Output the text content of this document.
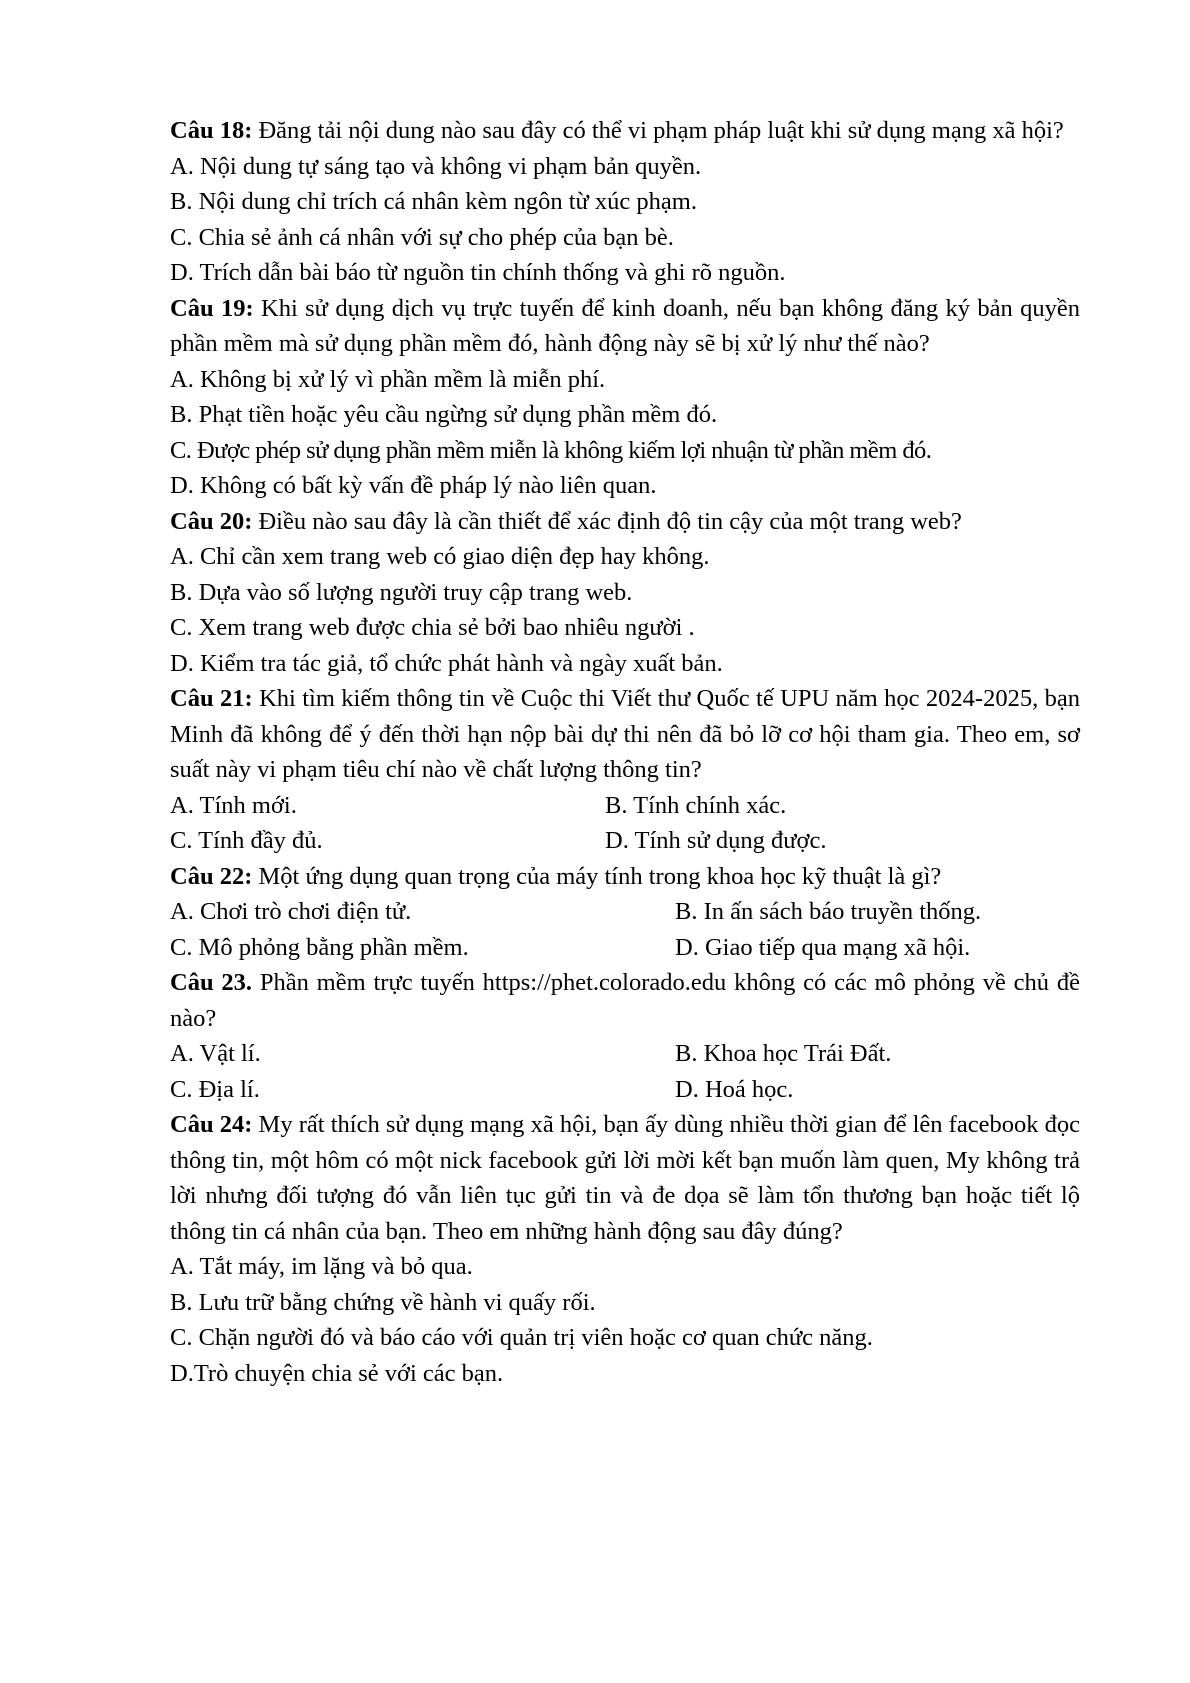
Câu 18: Đăng tải nội dung nào sau đây có thể vi phạm pháp luật khi sử dụng mạng xã hội?
A. Nội dung tự sáng tạo và không vi phạm bản quyền.
B. Nội dung chỉ trích cá nhân kèm ngôn từ xúc phạm.
C. Chia sẻ ảnh cá nhân với sự cho phép của bạn bè.
D. Trích dẫn bài báo từ nguồn tin chính thống và ghi rõ nguồn.
Câu 19: Khi sử dụng dịch vụ trực tuyến để kinh doanh, nếu bạn không đăng ký bản quyền phần mềm mà sử dụng phần mềm đó, hành động này sẽ bị xử lý như thế nào?
A. Không bị xử lý vì phần mềm là miễn phí.
B. Phạt tiền hoặc yêu cầu ngừng sử dụng phần mềm đó.
C. Được phép sử dụng phần mềm miễn là không kiếm lợi nhuận từ phần mềm đó.
D. Không có bất kỳ vấn đề pháp lý nào liên quan.
Câu 20: Điều nào sau đây là cần thiết để xác định độ tin cậy của một trang web?
A. Chỉ cần xem trang web có giao diện đẹp hay không.
B. Dựa vào số lượng người truy cập trang web.
C. Xem trang web được chia sẻ bởi bao nhiêu người .
D. Kiểm tra tác giả, tổ chức phát hành và ngày xuất bản.
Câu 21: Khi tìm kiếm thông tin về Cuộc thi Viết thư Quốc tế UPU năm học 2024-2025, bạn Minh đã không để ý đến thời hạn nộp bài dự thi nên đã bỏ lỡ cơ hội tham gia. Theo em, sơ suất này vi phạm tiêu chí nào về chất lượng thông tin?
A. Tính mới.	B. Tính chính xác.
C. Tính đầy đủ.	D. Tính sử dụng được.
Câu 22: Một ứng dụng quan trọng của máy tính trong khoa học kỹ thuật là gì?
A. Chơi trò chơi điện tử.	B. In ấn sách báo truyền thống.
C. Mô phỏng bằng phần mềm.	D. Giao tiếp qua mạng xã hội.
Câu 23. Phần mềm trực tuyến https://phet.colorado.edu không có các mô phỏng về chủ đề nào?
A. Vật lí.	B. Khoa học Trái Đất.
C. Địa lí.	D. Hoá học.
Câu 24: My rất thích sử dụng mạng xã hội, bạn ấy dùng nhiều thời gian để lên facebook đọc thông tin, một hôm có một nick facebook gửi lời mời kết bạn muốn làm quen, My không trả lời nhưng đối tượng đó vẫn liên tục gửi tin và đe dọa sẽ làm tổn thương bạn hoặc tiết lộ thông tin cá nhân của bạn. Theo em những hành động sau đây đúng?
A. Tắt máy, im lặng và bỏ qua.
B. Lưu trữ bằng chứng về hành vi quấy rối.
C. Chặn người đó và báo cáo với quản trị viên hoặc cơ quan chức năng.
D.Trò chuyện chia sẻ với các bạn.
